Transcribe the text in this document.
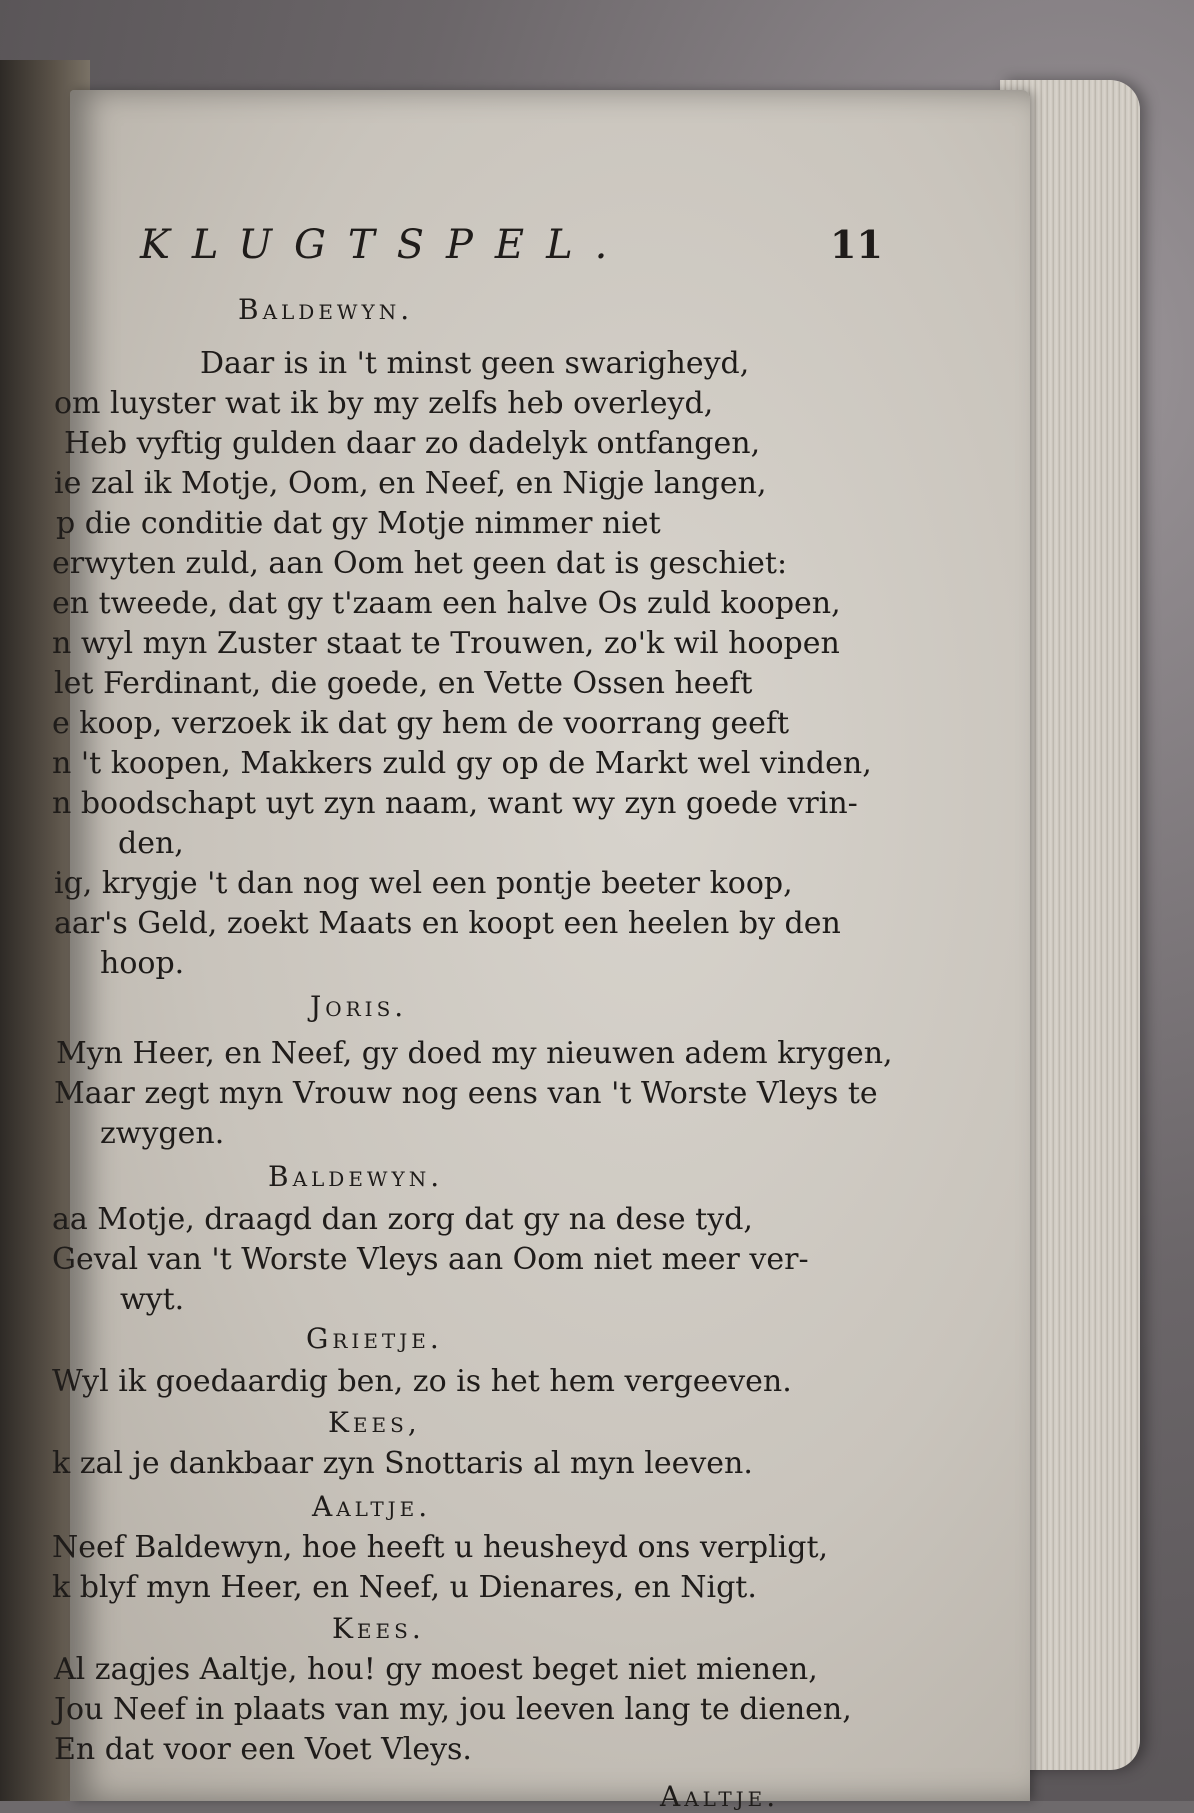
KLUGTSPEL.	11
Baldewyn.
Daar is in 't minst geen swarigheyd,
om luyster wat ik by my zelfs heb overleyd,
Heb vyftig gulden daar zo dadelyk ontfangen,
ie zal ik Motje, Oom, en Neef, en Nigje langen,
p die conditie dat gy Motje nimmer niet
erwyten zuld, aan Oom het geen dat is geschiet:
en tweede, dat gy t'zaam een halve Os zuld koopen,
n wyl myn Zuster staat te Trouwen, zo'k wil hoopen
let Ferdinant, die goede, en Vette Ossen heeft
e koop, verzoek ik dat gy hem de voorrang geeft
n 't koopen, Makkers zuld gy op de Markt wel vinden,
n boodschapt uyt zyn naam, want wy zyn goede vrin-
den,
ig, krygje 't dan nog wel een pontje beeter koop,
aar's Geld, zoekt Maats en koopt een heelen by den
hoop.
Joris.
Myn Heer, en Neef, gy doed my nieuwen adem krygen,
Maar zegt myn Vrouw nog eens van 't Worste Vleys te
zwygen.
Baldewyn.
aa Motje, draagd dan zorg dat gy na dese tyd,
Geval van 't Worste Vleys aan Oom niet meer ver-
wyt.
Grietje.
Wyl ik goedaardig ben, zo is het hem vergeeven.
Kees,
k zal je dankbaar zyn Snottaris al myn leeven.
Aaltje.
Neef Baldewyn, hoe heeft u heusheyd ons verpligt,
k blyf myn Heer, en Neef, u Dienares, en Nigt.
Kees.
Al zagjes Aaltje, hou! gy moest beget niet mienen,
Jou Neef in plaats van my, jou leeven lang te dienen,
En dat voor een Voet Vleys.
Aaltje.
